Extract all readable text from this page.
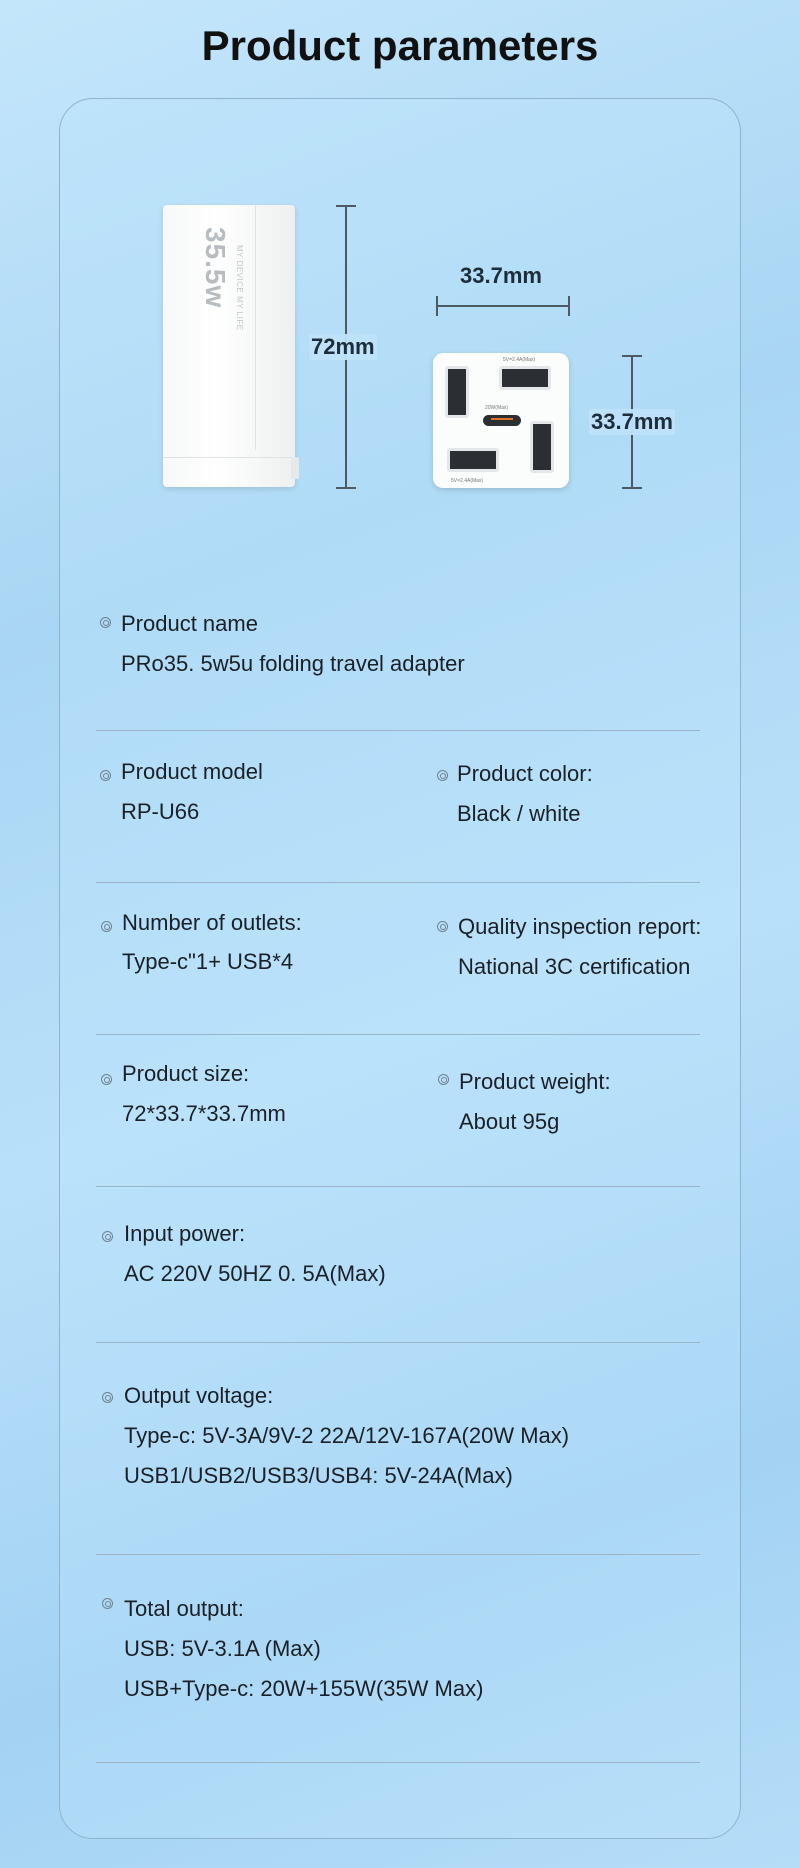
Product parameters
35.5w MY DEVICE MY LIFE
72mm
33.7mm
5V=2.4A(Max)
20W(Max)
5V=2.4A(Max)
33.7mm
Product name
PRo35. 5w5u folding travel adapter
Product model
RP-U66
Product color:
Black / white
Number of outlets:
Type-c"1+ USB*4
Quality inspection report:
National 3C certification
Product size:
72*33.7*33.7mm
Product weight:
About 95g
Input power:
AC 220V 50HZ 0. 5A(Max)
Output voltage:
Type-c: 5V-3A/9V-2 22A/12V-167A(20W Max)
USB1/USB2/USB3/USB4: 5V-24A(Max)
Total output:
USB: 5V-3.1A (Max)
USB+Type-c: 20W+155W(35W Max)
